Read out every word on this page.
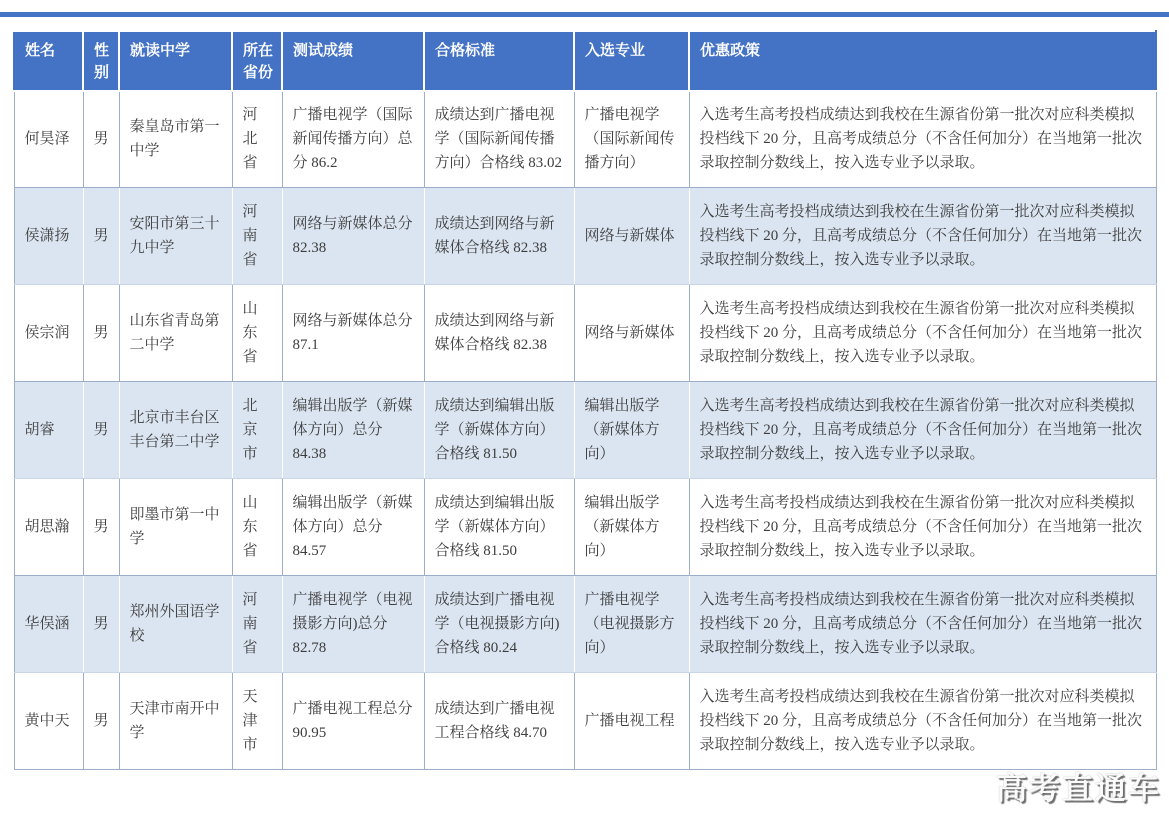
姓名	性别	就读中学	所在省份	测试成绩	合格标准	入选专业	优惠政策
何昊泽	男	秦皇岛市第一中学	河北省	广播电视学（国际新闻传播方向）总分 86.2	成绩达到广播电视学（国际新闻传播方向）合格线 83.02	广播电视学（国际新闻传播方向）	入选考生高考投档成绩达到我校在生源省份第一批次对应科类模拟投档线下 20 分，且高考成绩总分（不含任何加分）在当地第一批次录取控制分数线上，按入选专业予以录取。
侯潇扬	男	安阳市第三十九中学	河南省	网络与新媒体总分 82.38	成绩达到网络与新媒体合格线 82.38	网络与新媒体	入选考生高考投档成绩达到我校在生源省份第一批次对应科类模拟投档线下 20 分，且高考成绩总分（不含任何加分）在当地第一批次录取控制分数线上，按入选专业予以录取。
侯宗润	男	山东省青岛第二中学	山东省	网络与新媒体总分 87.1	成绩达到网络与新媒体合格线 82.38	网络与新媒体	入选考生高考投档成绩达到我校在生源省份第一批次对应科类模拟投档线下 20 分，且高考成绩总分（不含任何加分）在当地第一批次录取控制分数线上，按入选专业予以录取。
胡睿	男	北京市丰台区丰台第二中学	北京市	编辑出版学（新媒体方向）总分 84.38	成绩达到编辑出版学（新媒体方向）合格线 81.50	编辑出版学（新媒体方向）	入选考生高考投档成绩达到我校在生源省份第一批次对应科类模拟投档线下 20 分，且高考成绩总分（不含任何加分）在当地第一批次录取控制分数线上，按入选专业予以录取。
胡思瀚	男	即墨市第一中学	山东省	编辑出版学（新媒体方向）总分 84.57	成绩达到编辑出版学（新媒体方向）合格线 81.50	编辑出版学（新媒体方向）	入选考生高考投档成绩达到我校在生源省份第一批次对应科类模拟投档线下 20 分，且高考成绩总分（不含任何加分）在当地第一批次录取控制分数线上，按入选专业予以录取。
华俣涵	男	郑州外国语学校	河南省	广播电视学（电视摄影方向)总分 82.78	成绩达到广播电视学（电视摄影方向)合格线 80.24	广播电视学（电视摄影方向）	入选考生高考投档成绩达到我校在生源省份第一批次对应科类模拟投档线下 20 分，且高考成绩总分（不含任何加分）在当地第一批次录取控制分数线上，按入选专业予以录取。
黄中天	男	天津市南开中学	天津市	广播电视工程总分 90.95	成绩达到广播电视工程合格线 84.70	广播电视工程	入选考生高考投档成绩达到我校在生源省份第一批次对应科类模拟投档线下 20 分，且高考成绩总分（不含任何加分）在当地第一批次录取控制分数线上，按入选专业予以录取。
高考直通车
